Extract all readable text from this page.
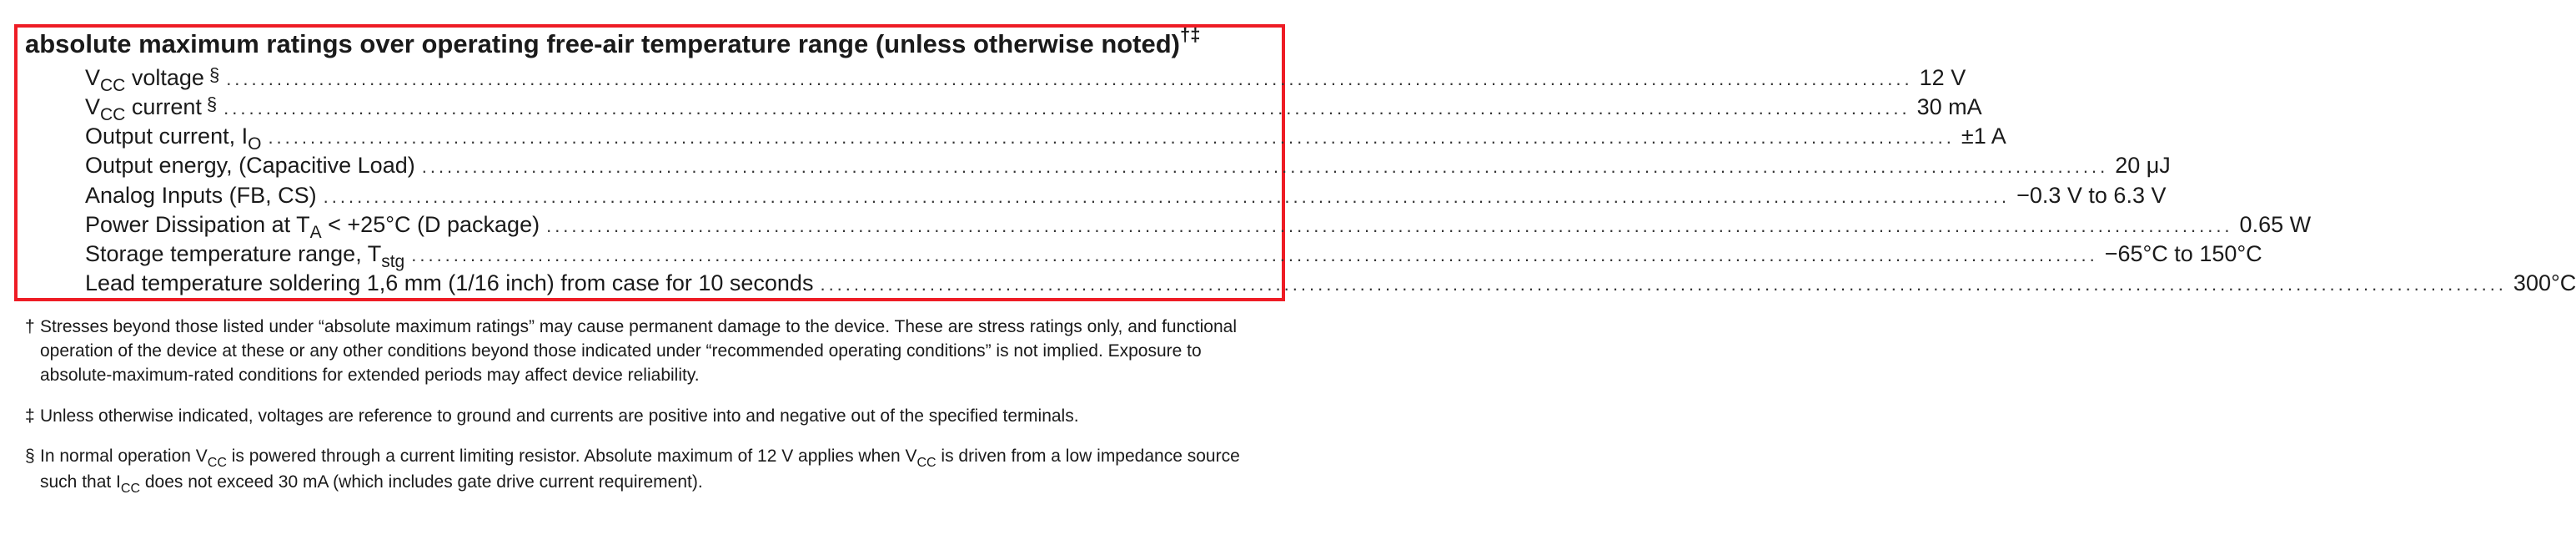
absolute maximum ratings over operating free-air temperature range (unless otherwise noted)†‡
$V_{CC}$ voltage § ........................................................................................................................................................................................................ 12 V
$V_{CC}$ current § ........................................................................................................................................................................................................ 30 mA
Output current, $I_O$ ........................................................................................................................................................................................................ ±1 A
Output energy, (Capacitive Load) ........................................................................................................................................................................................................ 20 μJ
Analog Inputs (FB, CS) ........................................................................................................................................................................................................ −0.3 V to 6.3 V
Power Dissipation at $T_A < +25^\circ C$ (D package) ........................................................................................................................................................................................................ 0.65 W
Storage temperature range, $T_{stg}$ ........................................................................................................................................................................................................ −65°C to 150°C
Lead temperature soldering 1,6 mm (1/16 inch) from case for 10 seconds ........................................................................................................................................................................................................ 300°C
† Stresses beyond those listed under “absolute maximum ratings” may cause permanent damage to the device. These are stress ratings only, and functional operation of the device at these or any other conditions beyond those indicated under “recommended operating conditions” is not implied. Exposure to absolute-maximum-rated conditions for extended periods may affect device reliability.
‡ Unless otherwise indicated, voltages are reference to ground and currents are positive into and negative out of the specified terminals.
§ In normal operation $V_{CC}$ is powered through a current limiting resistor. Absolute maximum of 12 V applies when $V_{CC}$ is driven from a low impedance source such that $I_{CC}$ does not exceed 30 mA (which includes gate drive current requirement).
